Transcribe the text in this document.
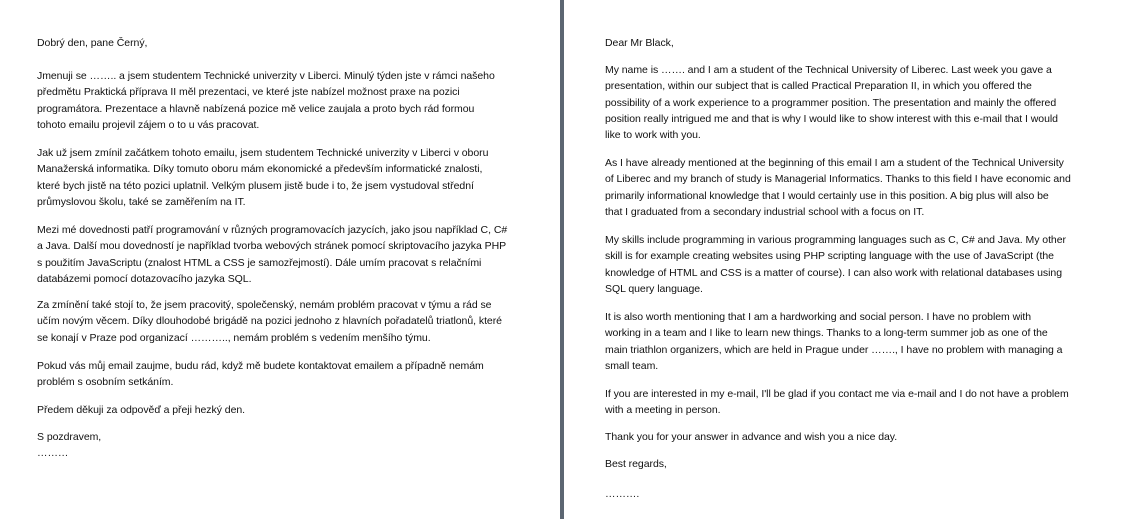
Dobrý den, pane Černý,
Jmenuji se …….. a jsem studentem Technické univerzity v Liberci. Minulý týden jste v rámci našeho
předmětu Praktická příprava II měl prezentaci, ve které jste nabízel možnost praxe na pozici
programátora. Prezentace a hlavně nabízená pozice mě velice zaujala a proto bych rád formou
tohoto emailu projevil zájem o to u vás pracovat.
Jak už jsem zmínil začátkem tohoto emailu, jsem studentem Technické univerzity v Liberci v oboru
Manažerská informatika. Díky tomuto oboru mám ekonomické a především informatické znalosti,
které bych jistě na této pozici uplatnil. Velkým plusem jistě bude i to, že jsem vystudoval střední
průmyslovou školu, také se zaměřením na IT.
Mezi mé dovednosti patří programování v různých programovacích jazycích, jako jsou například C, C#
a Java. Další mou dovedností je například tvorba webových stránek pomocí skriptovacího jazyka PHP
s použitím JavaScriptu (znalost HTML a CSS je samozřejmostí). Dále umím pracovat s relačními
databázemi pomocí dotazovacího jazyka SQL.
Za zmínění také stojí to, že jsem pracovitý, společenský, nemám problém pracovat v týmu a rád se
učím novým věcem. Díky dlouhodobé brigádě na pozici jednoho z hlavních pořadatelů triatlonů, které
se konají v Praze pod organizací ……….., nemám problém s vedením menšího týmu.
Pokud vás můj email zaujme, budu rád, když mě budete kontaktovat emailem a případně nemám
problém s osobním setkáním.
Předem děkuji za odpověď a přeji hezký den.
S pozdravem,
………
Dear Mr Black,
My name is ……. and I am a student of the Technical University of Liberec. Last week you gave a
presentation, within our subject that is called Practical Preparation II, in which you offered the
possibility of a work experience to a programmer position. The presentation and mainly the offered
position really intrigued me and that is why I would like to show interest with this e-mail that I would
like to work with you.
As I have already mentioned at the beginning of this email I am a student of the Technical University
of Liberec and my branch of study is Managerial Informatics. Thanks to this field I have economic and
primarily informational knowledge that I would certainly use in this position. A big plus will also be
that I graduated from a secondary industrial school with a focus on IT.
My skills include programming in various programming languages such as C, C# and Java. My other
skill is for example creating websites using PHP scripting language with the use of JavaScript (the
knowledge of HTML and CSS is a matter of course). I can also work with relational databases using
SQL query language.
It is also worth mentioning that I am a hardworking and social person. I have no problem with
working in a team and I like to learn new things. Thanks to a long-term summer job as one of the
main triathlon organizers, which are held in Prague under ……., I have no problem with managing a
small team.
If you are interested in my e-mail, I'll be glad if you contact me via e-mail and I do not have a problem
with a meeting in person.
Thank you for your answer in advance and wish you a nice day.
Best regards,
……….
